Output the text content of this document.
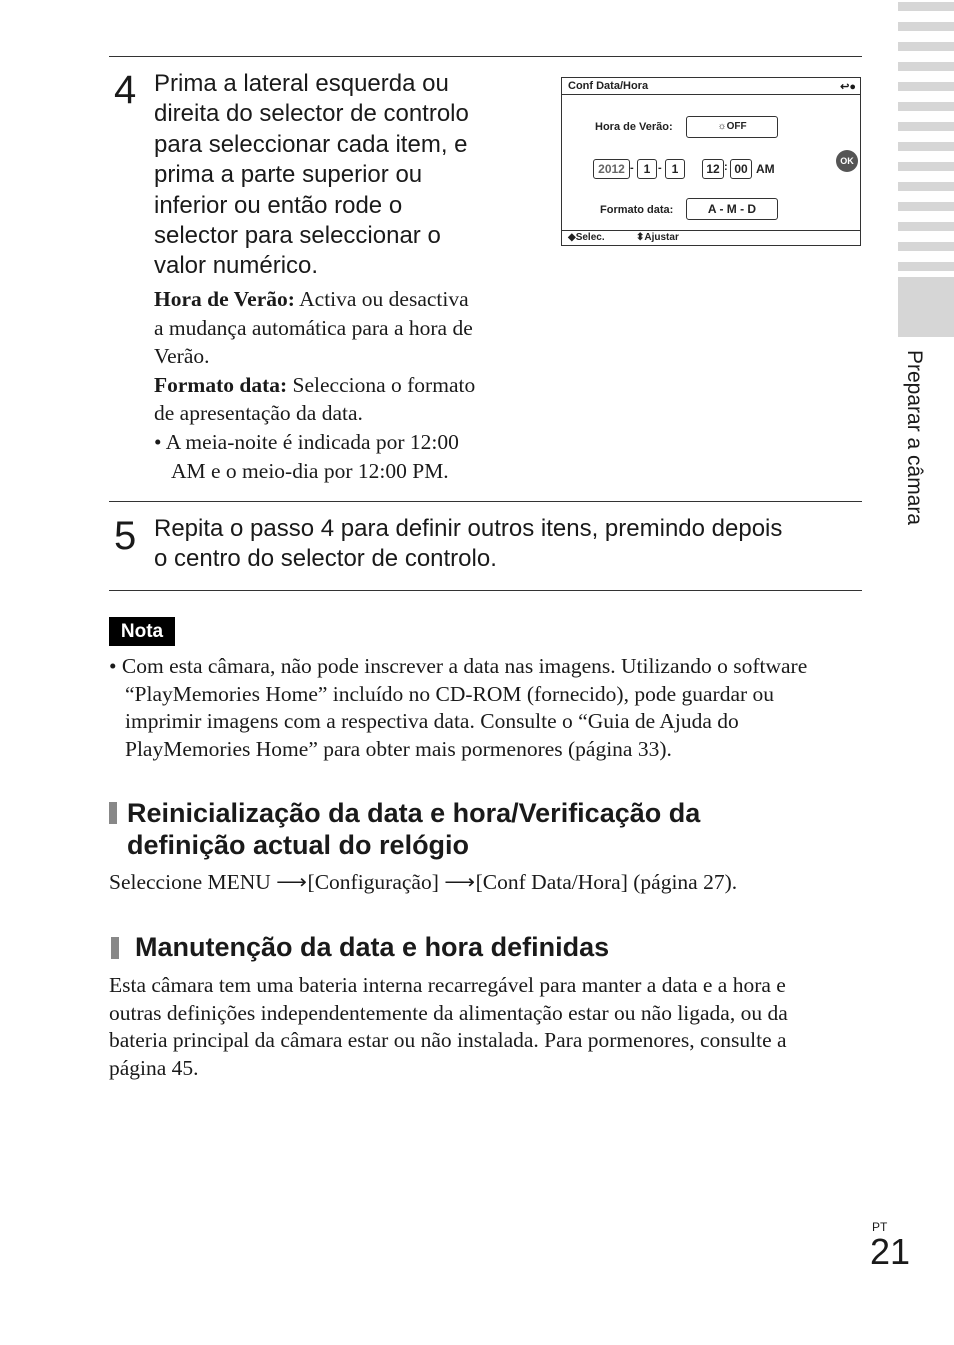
Preparar a câmara
4 Prima a lateral esquerda ou
direita do selector de controlo
para seleccionar cada item, e
prima a parte superior ou
inferior ou então rode o
selector para seleccionar o
valor numérico.
Hora de Verão: Activa ou desactiva
a mudança automática para a hora de
Verão.
Formato data: Selecciona o formato
de apresentação da data.
• A meia-noite é indicada por 12:00
AM e o meio-dia por 12:00 PM.
Conf Data/Hora	↩●
Hora de Verão:	☼OFF
2012 - 1 - 1	12 : 00 AM
OK
Formato data:	A - M - D
◆Selec.	⬍Ajustar
5 Repita o passo 4 para definir outros itens, premindo depois
o centro do selector de controlo.
Nota
• Com esta câmara, não pode inscrever a data nas imagens. Utilizando o software
“PlayMemories Home” incluído no CD-ROM (fornecido), pode guardar ou
imprimir imagens com a respectiva data. Consulte o “Guia de Ajuda do
PlayMemories Home” para obter mais pormenores (página 33).
Reinicialização da data e hora/Verificação da
definição actual do relógio
Seleccione MENU ⟶ [Configuração] ⟶ [Conf Data/Hora] (página 27).
Manutenção da data e hora definidas
Esta câmara tem uma bateria interna recarregável para manter a data e a hora e
outras definições independentemente da alimentação estar ou não ligada, ou da
bateria principal da câmara estar ou não instalada. Para pormenores, consulte a
página 45.
PT
21
